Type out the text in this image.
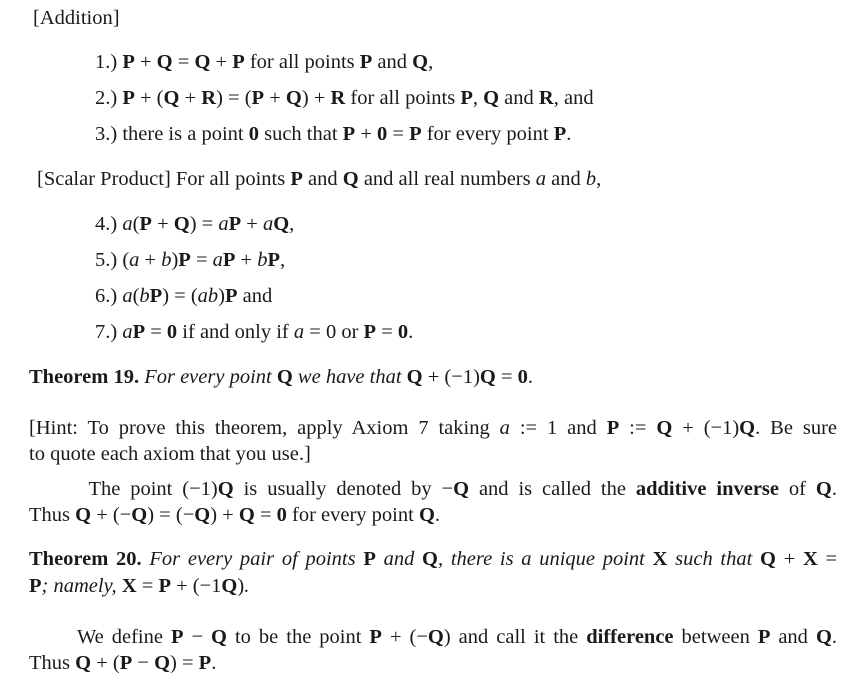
[Addition]
1.) P + Q = Q + P for all points P and Q,
2.) P + (Q + R) = (P + Q) + R for all points P, Q and R, and
3.) there is a point 0 such that P + 0 = P for every point P.
[Scalar Product] For all points P and Q and all real numbers a and b,
4.) a(P + Q) = aP + aQ,
5.) (a + b)P = aP + bP,
6.) a(bP) = (ab)P and
7.) aP = 0 if and only if a = 0 or P = 0.
Theorem 19. For every point Q we have that Q + (−1)Q = 0.
[Hint: To prove this theorem, apply Axiom 7 taking a := 1 and P := Q + (−1)Q. Be sure
to quote each axiom that you use.]
The point (−1)Q is usually denoted by −Q and is called the additive inverse of Q.
Thus Q + (−Q) = (−Q) + Q = 0 for every point Q.
Theorem 20. For every pair of points P and Q, there is a unique point X such that Q + X =
P; namely, X = P + (−1Q).
We define P − Q to be the point P + (−Q) and call it the difference between P and Q.
Thus Q + (P − Q) = P.
